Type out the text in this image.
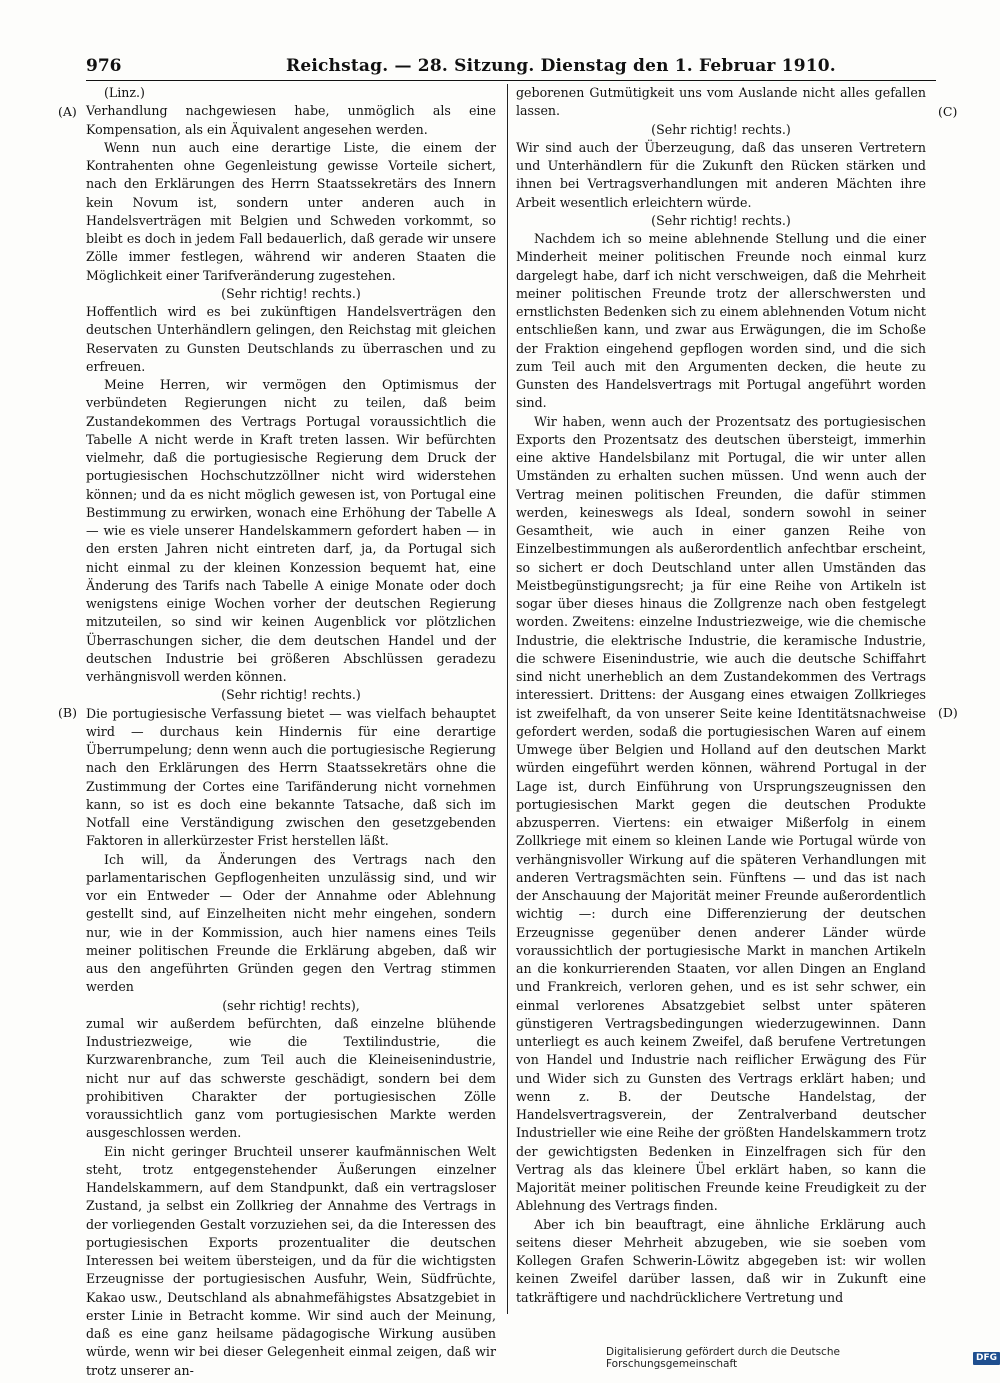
976	Reichstag. — 28. Sitzung. Dienstag den 1. Februar 1910.
(A)
(B)
(C)
(D)

(Linz.)

Verhandlung nachgewiesen habe, unmöglich als eine Kompensation, als ein Äquivalent angesehen werden.

Wenn nun auch eine derartige Liste, die einem der Kontrahenten ohne Gegenleistung gewisse Vorteile sichert, nach den Erklärungen des Herrn Staatssekretärs des Innern kein Novum ist, sondern unter anderen auch in Handelsverträgen mit Belgien und Schweden vorkommt, so bleibt es doch in jedem Fall bedauerlich, daß gerade wir unsere Zölle immer festlegen, während wir anderen Staaten die Möglichkeit einer Tarifveränderung zugestehen.

(Sehr richtig! rechts.)

Hoffentlich wird es bei zukünftigen Handelsverträgen den deutschen Unterhändlern gelingen, den Reichstag mit gleichen Reservaten zu Gunsten Deutschlands zu überraschen und zu erfreuen.

Meine Herren, wir vermögen den Optimismus der verbündeten Regierungen nicht zu teilen, daß beim Zustandekommen des Vertrags Portugal voraussichtlich die Tabelle A nicht werde in Kraft treten lassen. Wir befürchten vielmehr, daß die portugiesische Regierung dem Druck der portugiesischen Hochschutzzöllner nicht wird widerstehen können; und da es nicht möglich gewesen ist, von Portugal eine Bestimmung zu erwirken, wonach eine Erhöhung der Tabelle A — wie es viele unserer Handelskammern gefordert haben — in den ersten Jahren nicht eintreten darf, ja, da Portugal sich nicht einmal zu der kleinen Konzession bequemt hat, eine Änderung des Tarifs nach Tabelle A einige Monate oder doch wenigstens einige Wochen vorher der deutschen Regierung mitzuteilen, so sind wir keinen Augenblick vor plötzlichen Überraschungen sicher, die dem deutschen Handel und der deutschen Industrie bei größeren Abschlüssen geradezu verhängnisvoll werden können.

(Sehr richtig! rechts.)

Die portugiesische Verfassung bietet — was vielfach behauptet wird — durchaus kein Hindernis für eine derartige Überrumpelung; denn wenn auch die portugiesische Regierung nach den Erklärungen des Herrn Staatssekretärs ohne die Zustimmung der Cortes eine Tarifänderung nicht vornehmen kann, so ist es doch eine bekannte Tatsache, daß sich im Notfall eine Verständigung zwischen den gesetzgebenden Faktoren in allerkürzester Frist herstellen läßt.

Ich will, da Änderungen des Vertrags nach den parlamentarischen Gepflogenheiten unzulässig sind, und wir vor ein Entweder — Oder der Annahme oder Ablehnung gestellt sind, auf Einzelheiten nicht mehr eingehen, sondern nur, wie in der Kommission, auch hier namens eines Teils meiner politischen Freunde die Erklärung abgeben, daß wir aus den angeführten Gründen gegen den Vertrag stimmen werden

(sehr richtig! rechts),

zumal wir außerdem befürchten, daß einzelne blühende Industriezweige, wie die Textilindustrie, die Kurzwarenbranche, zum Teil auch die Kleineisenindustrie, nicht nur auf das schwerste geschädigt, sondern bei dem prohibitiven Charakter der portugiesischen Zölle voraussichtlich ganz vom portugiesischen Markte werden ausgeschlossen werden.

Ein nicht geringer Bruchteil unserer kaufmännischen Welt steht, trotz entgegenstehender Äußerungen einzelner Handelskammern, auf dem Standpunkt, daß ein vertragsloser Zustand, ja selbst ein Zollkrieg der Annahme des Vertrags in der vorliegenden Gestalt vorzuziehen sei, da die Interessen des portugiesischen Exports prozentualiter die deutschen Interessen bei weitem übersteigen, und da für die wichtigsten Erzeugnisse der portugiesischen Ausfuhr, Wein, Südfrüchte, Kakao usw., Deutschland als abnahmefähigstes Absatzgebiet in erster Linie in Betracht komme. Wir sind auch der Meinung, daß es eine ganz heilsame pädagogische Wirkung ausüben würde, wenn wir bei dieser Gelegenheit einmal zeigen, daß wir trotz unserer an-

geborenen Gutmütigkeit uns vom Auslande nicht alles gefallen lassen.

(Sehr richtig! rechts.)

Wir sind auch der Überzeugung, daß das unseren Vertretern und Unterhändlern für die Zukunft den Rücken stärken und ihnen bei Vertragsverhandlungen mit anderen Mächten ihre Arbeit wesentlich erleichtern würde.

(Sehr richtig! rechts.)

Nachdem ich so meine ablehnende Stellung und die einer Minderheit meiner politischen Freunde noch einmal kurz dargelegt habe, darf ich nicht verschweigen, daß die Mehrheit meiner politischen Freunde trotz der allerschwersten und ernstlichsten Bedenken sich zu einem ablehnenden Votum nicht entschließen kann, und zwar aus Erwägungen, die im Schoße der Fraktion eingehend gepflogen worden sind, und die sich zum Teil auch mit den Argumenten decken, die heute zu Gunsten des Handelsvertrags mit Portugal angeführt worden sind.

Wir haben, wenn auch der Prozentsatz des portugiesischen Exports den Prozentsatz des deutschen übersteigt, immerhin eine aktive Handelsbilanz mit Portugal, die wir unter allen Umständen zu erhalten suchen müssen. Und wenn auch der Vertrag meinen politischen Freunden, die dafür stimmen werden, keineswegs als Ideal, sondern sowohl in seiner Gesamtheit, wie auch in einer ganzen Reihe von Einzelbestimmungen als außerordentlich anfechtbar erscheint, so sichert er doch Deutschland unter allen Umständen das Meistbegünstigungsrecht; ja für eine Reihe von Artikeln ist sogar über dieses hinaus die Zollgrenze nach oben festgelegt worden. Zweitens: einzelne Industriezweige, wie die chemische Industrie, die elektrische Industrie, die keramische Industrie, die schwere Eisenindustrie, wie auch die deutsche Schiffahrt sind nicht unerheblich an dem Zustandekommen des Vertrags interessiert. Drittens: der Ausgang eines etwaigen Zollkrieges ist zweifelhaft, da von unserer Seite keine Identitätsnachweise gefordert werden, sodaß die portugiesischen Waren auf einem Umwege über Belgien und Holland auf den deutschen Markt würden eingeführt werden können, während Portugal in der Lage ist, durch Einführung von Ursprungszeugnissen den portugiesischen Markt gegen die deutschen Produkte abzusperren. Viertens: ein etwaiger Mißerfolg in einem Zollkriege mit einem so kleinen Lande wie Portugal würde von verhängnisvoller Wirkung auf die späteren Verhandlungen mit anderen Vertragsmächten sein. Fünftens — und das ist nach der Anschauung der Majorität meiner Freunde außerordentlich wichtig —: durch eine Differenzierung der deutschen Erzeugnisse gegenüber denen anderer Länder würde voraussichtlich der portugiesische Markt in manchen Artikeln an die konkurrierenden Staaten, vor allen Dingen an England und Frankreich, verloren gehen, und es ist sehr schwer, ein einmal verlorenes Absatzgebiet selbst unter späteren günstigeren Vertragsbedingungen wiederzugewinnen. Dann unterliegt es auch keinem Zweifel, daß berufene Vertretungen von Handel und Industrie nach reiflicher Erwägung des Für und Wider sich zu Gunsten des Vertrags erklärt haben; und wenn z. B. der Deutsche Handelstag, der Handelsvertragsverein, der Zentralverband deutscher Industrieller wie eine Reihe der größten Handelskammern trotz der gewichtigsten Bedenken in Einzelfragen sich für den Vertrag als das kleinere Übel erklärt haben, so kann die Majorität meiner politischen Freunde keine Freudigkeit zu der Ablehnung des Vertrags finden.

Aber ich bin beauftragt, eine ähnliche Erklärung auch seitens dieser Mehrheit abzugeben, wie sie soeben vom Kollegen Grafen Schwerin-Löwitz abgegeben ist: wir wollen keinen Zweifel darüber lassen, daß wir in Zukunft eine tatkräftigere und nachdrücklichere Vertretung und

Digitalisierung gefördert durch die Deutsche Forschungsgemeinschaft
DFG
